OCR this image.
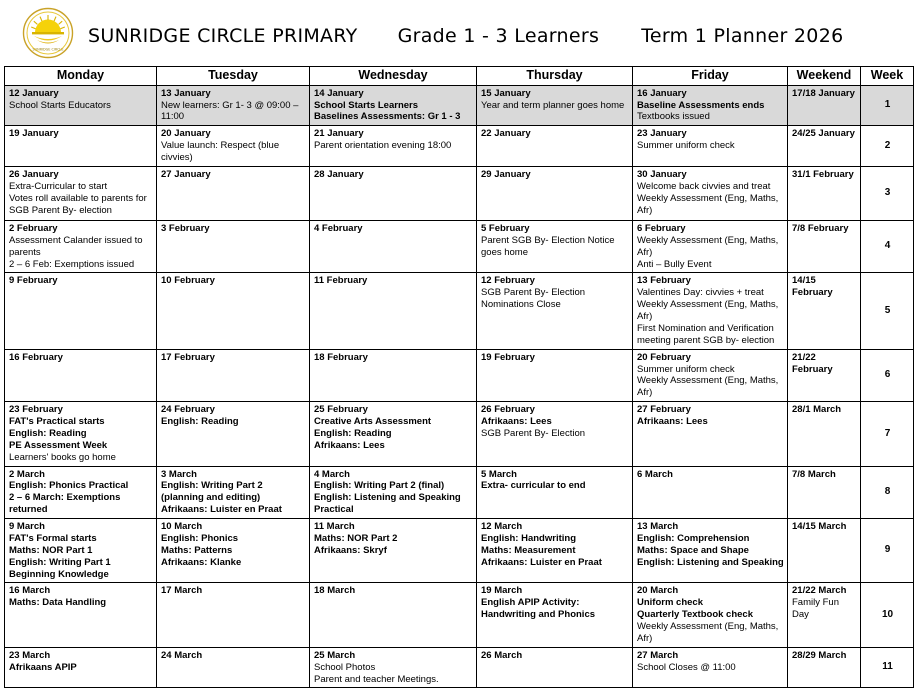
SUNRIDGE CIRCLE
SUNRIDGE CIRCLE PRIMARY Grade 1 - 3 Learners Term 1 Planner 2026
Monday	Tuesday	Wednesday	Thursday	Friday	Weekend	Week

12 January
School Starts Educators	13 January
New learners: Gr 1- 3 @ 09:00 – 11:00	14 January
School Starts Learners
Baselines Assessments: Gr 1 - 3	15 January
Year and term planner goes home	16 January
Baseline Assessments ends
Textbooks issued	17/18 January	1

19 January	20 January
Value launch: Respect (blue civvies)	21 January
Parent orientation evening 18:00	22 January	23 January
Summer uniform check	24/25 January	2

26 January
Extra-Curricular to start
Votes roll available to parents for SGB Parent By- election	27 January	28 January	29 January	30 January
Welcome back civvies and treat
Weekly Assessment (Eng, Maths, Afr)	31/1 February	3

2 February
Assessment Calander issued to parents
2 – 6 Feb: Exemptions issued	3 February	4 February	5 February
Parent SGB By- Election Notice goes home	6 February
Weekly Assessment (Eng, Maths, Afr)
Anti – Bully Event	7/8 February	4

9 February	10 February	11 February	12 February
SGB Parent By- Election Nominations Close	13 February
Valentines Day: civvies + treat
Weekly Assessment (Eng, Maths, Afr)
First Nomination and Verification meeting parent SGB by- election	14/15 February	5

16 February	17 February	18 February	19 February	20 February
Summer uniform check
Weekly Assessment (Eng, Maths, Afr)	21/22 February	6

23 February
FAT's Practical starts
English: Reading
PE Assessment Week
Learners' books go home	24 February
English: Reading	25 February
Creative Arts Assessment
English: Reading
Afrikaans: Lees	26 February
Afrikaans: Lees
SGB Parent By- Election	27 February
Afrikaans: Lees	28/1 March	7

2 March
English: Phonics Practical
2 – 6 March: Exemptions returned	3 March
English: Writing Part 2 (planning and editing)
Afrikaans: Luister en Praat	4 March
English: Writing Part 2 (final)
English: Listening and Speaking Practical	5 March
Extra- curricular to end	6 March	7/8 March	8

9 March
FAT's Formal starts
Maths: NOR Part 1
English: Writing Part 1
Beginning Knowledge	10 March
English: Phonics
Maths: Patterns
Afrikaans: Klanke	11 March
Maths: NOR Part 2
Afrikaans: Skryf	12 March
English: Handwriting
Maths: Measurement
Afrikaans: Luister en Praat	13 March
English: Comprehension
Maths: Space and Shape
English: Listening and Speaking	14/15 March	9

16 March
Maths: Data Handling	17 March	18 March	19 March
English APIP Activity:
Handwriting and Phonics	20 March
Uniform check
Quarterly Textbook check
Weekly Assessment (Eng, Maths, Afr)	21/22 March
Family Fun Day	10

23 March
Afrikaans APIP	24 March	25 March
School Photos
Parent and teacher Meetings.	26 March	27 March
School Closes @ 11:00	28/29 March	11
